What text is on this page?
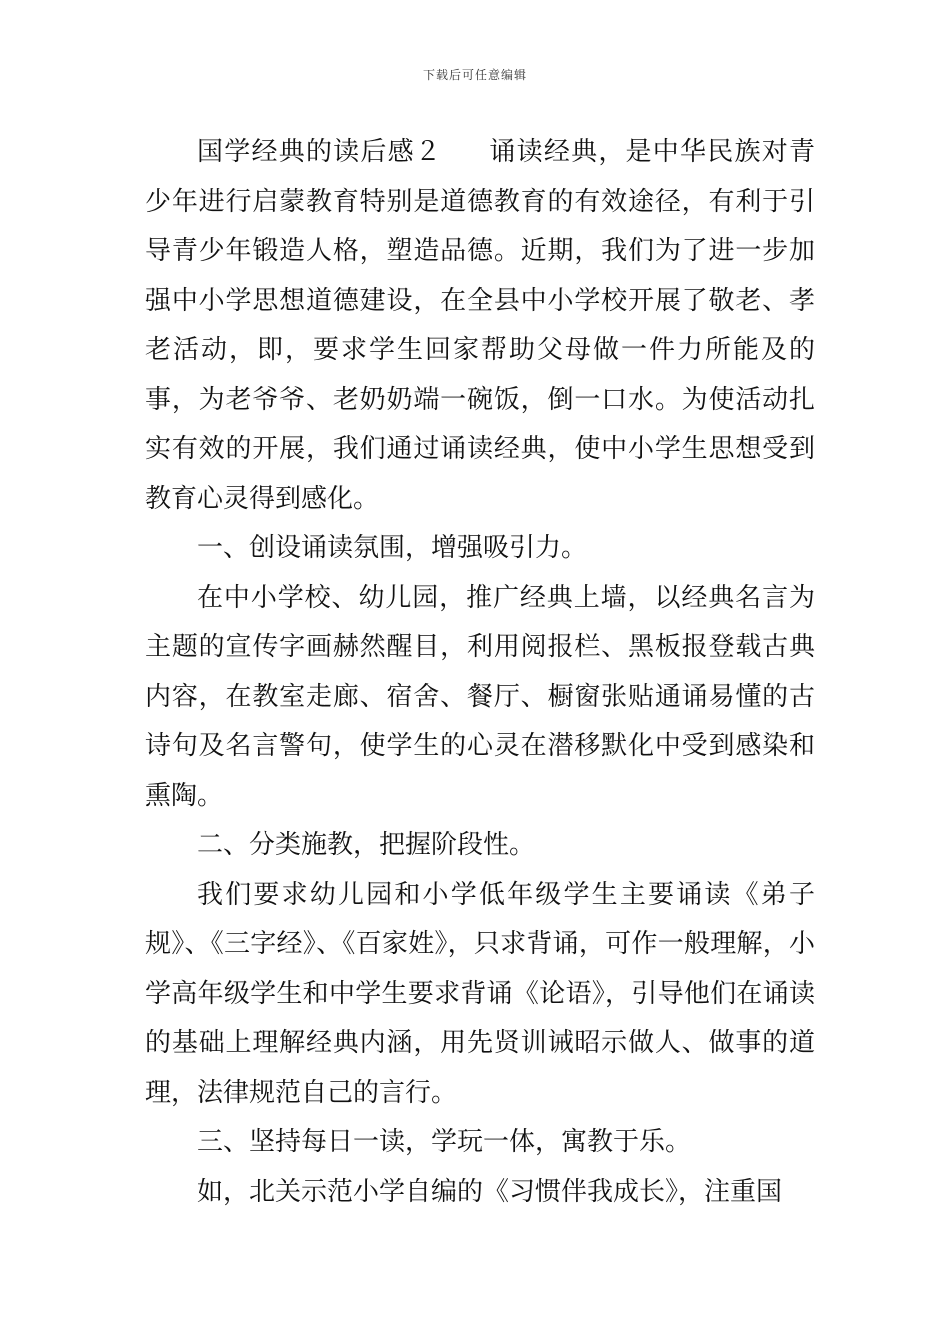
下载后可任意编辑

国学经典的读后感２ 诵读经典，是中华民族对青少年进行启蒙教育特别是道德教育的有效途径，有利于引导青少年锻造人格，塑造品德。近期，我们为了进一步加强中小学思想道德建设，在全县中小学校开展了敬老、孝老活动，即，要求学生回家帮助父母做一件力所能及的事，为老爷爷、老奶奶端一碗饭，倒一口水。为使活动扎实有效的开展，我们通过诵读经典，使中小学生思想受到教育心灵得到感化。

一、创设诵读氛围，增强吸引力。

在中小学校、幼儿园，推广经典上墙，以经典名言为主题的宣传字画赫然醒目，利用阅报栏、黑板报登载古典内容，在教室走廊、宿舍、餐厅、橱窗张贴通诵易懂的古诗句及名言警句，使学生的心灵在潜移默化中受到感染和熏陶。

二、分类施教，把握阶段性。

我们要求幼儿园和小学低年级学生主要诵读《弟子规》、《三字经》、《百家姓》，只求背诵，可作一般理解，小学高年级学生和中学生要求背诵《论语》，引导他们在诵读的基础上理解经典内涵，用先贤训诫昭示做人、做事的道理，法律规范自己的言行。

三、坚持每日一读，学玩一体，寓教于乐。

如，北关示范小学自编的《习惯伴我成长》，注重国
